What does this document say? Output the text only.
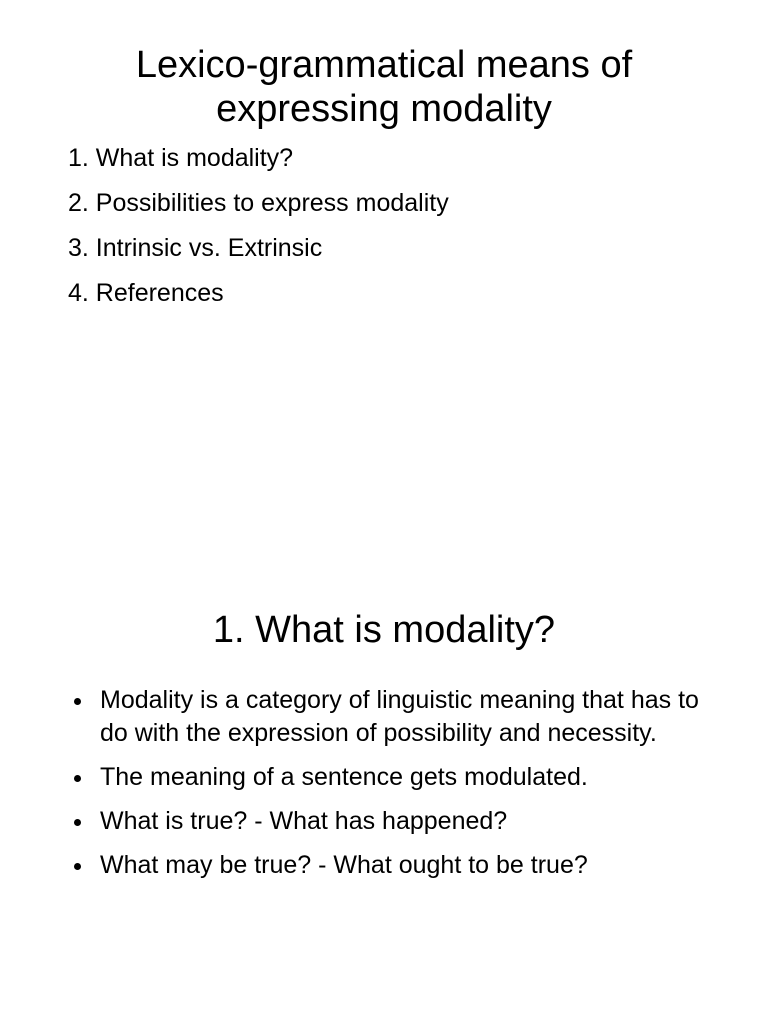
Lexico-grammatical means of expressing modality
1. What is modality?
2. Possibilities to express modality
3. Intrinsic vs. Extrinsic
4. References
1. What is modality?
Modality is a category of linguistic meaning that has to do with the expression of possibility and necessity.
The meaning of a sentence gets modulated.
What is true? - What has happened?
What may be true? - What ought to be true?
